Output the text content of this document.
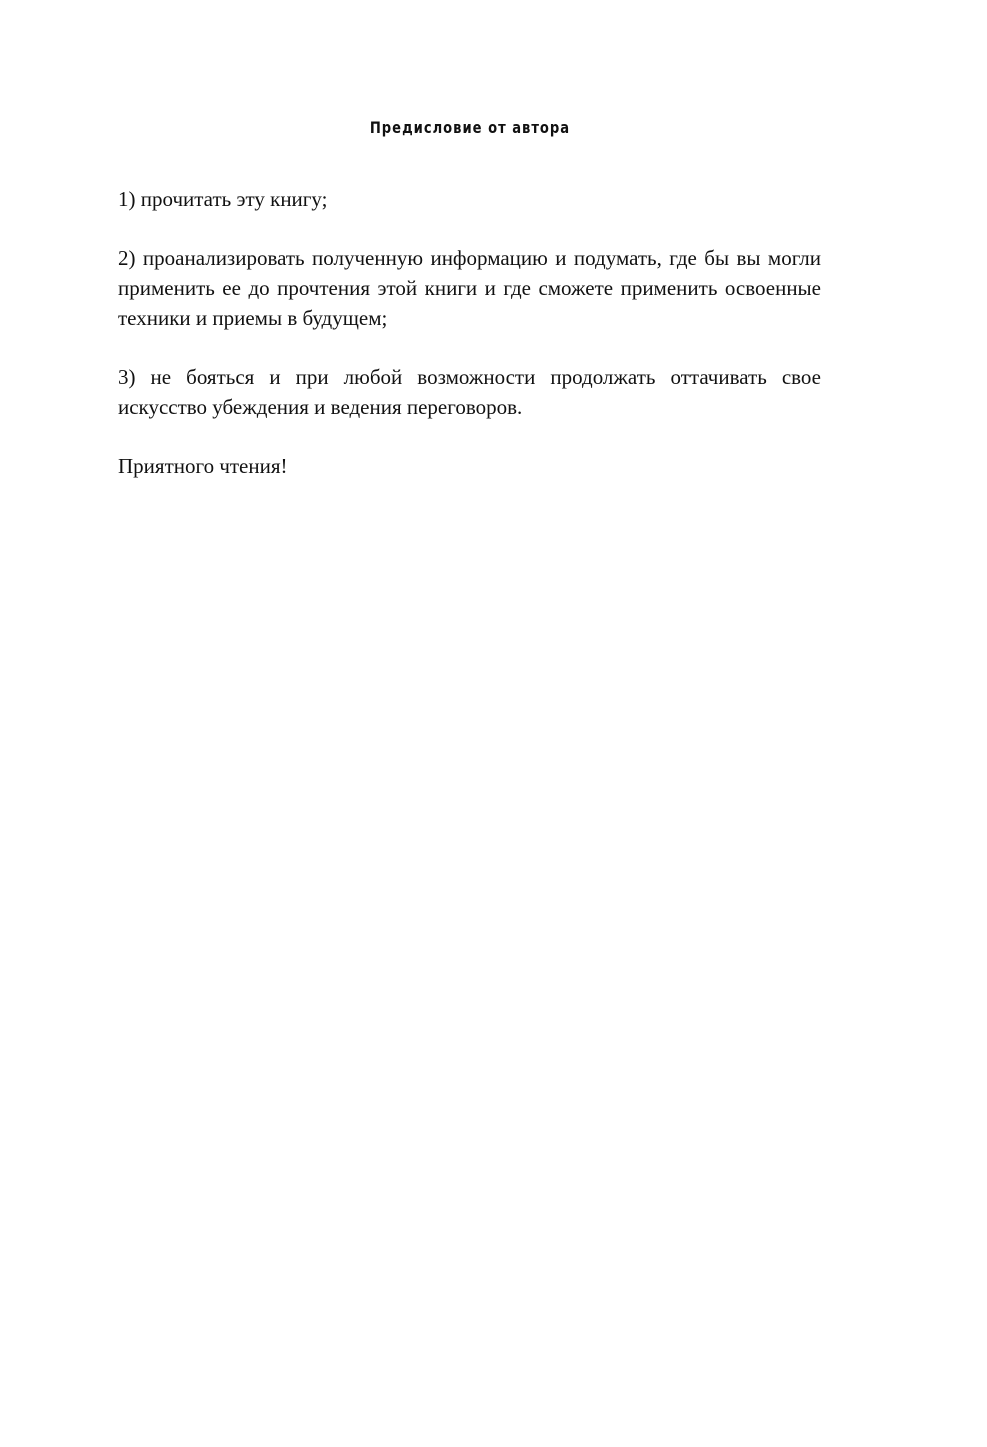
Предисловие от автора

1) прочитать эту книгу;

2) проанализировать полученную информацию и подумать, где бы вы могли применить ее до прочтения этой книги и где сможете применить освоенные техники и приемы в будущем;

3) не бояться и при любой возможности продолжать оттачивать свое искусство убеждения и ведения переговоров.

Приятного чтения!
